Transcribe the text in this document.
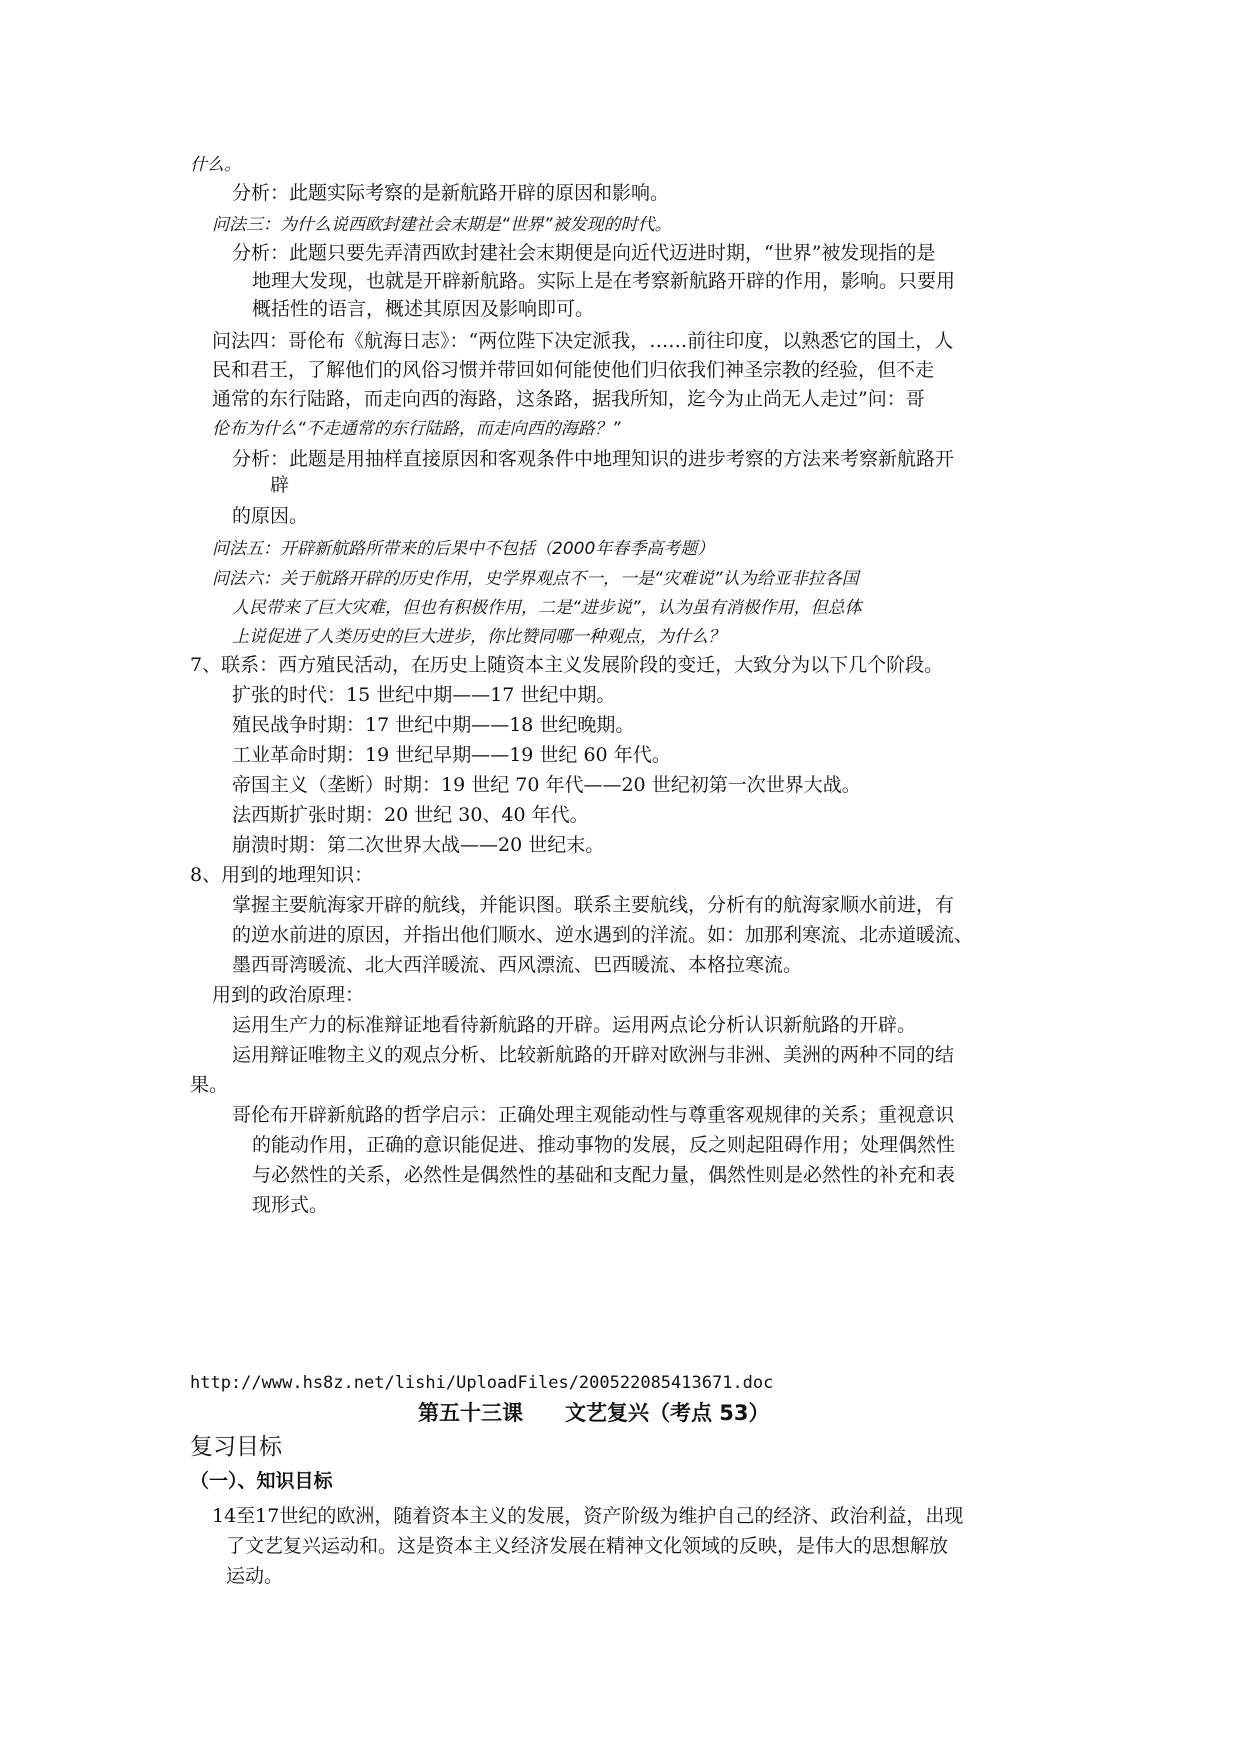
什么。
分析：此题实际考察的是新航路开辟的原因和影响。
问法三：为什么说西欧封建社会末期是“世界”被发现的时代。
分析：此题只要先弄清西欧封建社会末期便是向近代迈进时期，“世界”被发现指的是
地理大发现，也就是开辟新航路。实际上是在考察新航路开辟的作用，影响。只要用
概括性的语言，概述其原因及影响即可。
问法四：哥伦布《航海日志》：“两位陛下决定派我，……前往印度，以熟悉它的国土，人
民和君王，了解他们的风俗习惯并带回如何能使他们归依我们神圣宗教的经验，但不走
通常的东行陆路，而走向西的海路，这条路，据我所知，迄今为止尚无人走过”问：哥
伦布为什么“不走通常的东行陆路，而走向西的海路？”
分析：此题是用抽样直接原因和客观条件中地理知识的进步考察的方法来考察新航路开
辟
的原因。
问法五：开辟新航路所带来的后果中不包括（2000年春季高考题）
问法六：关于航路开辟的历史作用，史学界观点不一，一是“灾难说”认为给亚非拉各国
人民带来了巨大灾难，但也有积极作用，二是“进步说”，认为虽有消极作用，但总体
上说促进了人类历史的巨大进步，你比赞同哪一种观点，为什么？
7、联系：西方殖民活动，在历史上随资本主义发展阶段的变迁，大致分为以下几个阶段。
扩张的时代：15 世纪中期——17 世纪中期。
殖民战争时期：17 世纪中期——18 世纪晚期。
工业革命时期：19 世纪早期——19 世纪 60 年代。
帝国主义（垄断）时期：19 世纪 70 年代——20 世纪初第一次世界大战。
法西斯扩张时期：20 世纪 30、40 年代。
崩溃时期：第二次世界大战——20 世纪末。
8、用到的地理知识：
掌握主要航海家开辟的航线，并能识图。联系主要航线，分析有的航海家顺水前进，有
的逆水前进的原因，并指出他们顺水、逆水遇到的洋流。如：加那利寒流、北赤道暖流、
墨西哥湾暖流、北大西洋暖流、西风漂流、巴西暖流、本格拉寒流。
用到的政治原理：
运用生产力的标准辩证地看待新航路的开辟。运用两点论分析认识新航路的开辟。
运用辩证唯物主义的观点分析、比较新航路的开辟对欧洲与非洲、美洲的两种不同的结
果。
哥伦布开辟新航路的哲学启示：正确处理主观能动性与尊重客观规律的关系；重视意识
的能动作用，正确的意识能促进、推动事物的发展，反之则起阻碍作用；处理偶然性
与必然性的关系，必然性是偶然性的基础和支配力量，偶然性则是必然性的补充和表
现形式。
http://www.hs8z.net/lishi/UploadFiles/200522085413671.doc
第五十三课　　文艺复兴（考点 53）
复习目标
（一）、知识目标
14至17世纪的欧洲，随着资本主义的发展，资产阶级为维护自己的经济、政治利益，出现
了文艺复兴运动和。这是资本主义经济发展在精神文化领域的反映，是伟大的思想解放
运动。
